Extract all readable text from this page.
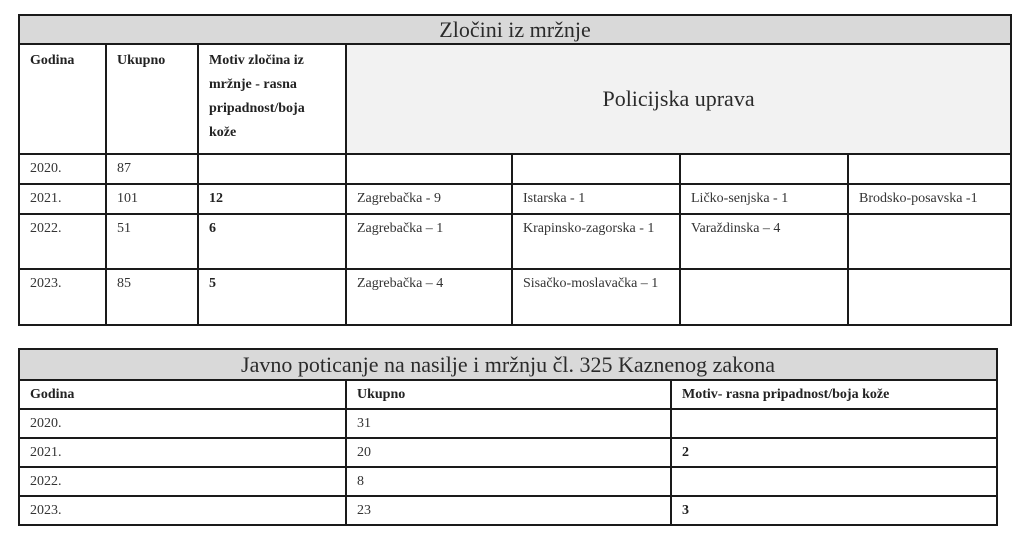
Zločini iz mržnje						
Godina	Ukupno	Motiv zločina iz mržnje - rasna pripadnost/boja kože	Policijska uprava			
2020.	87					
2021.	101	12	Zagrebačka - 9	Istarska - 1	Ličko-senjska - 1	Brodsko-posavska -1
2022.	51	6	Zagrebačka – 1	Krapinsko-zagorska - 1	Varaždinska – 4	
2023.	85	5	Zagrebačka – 4	Sisačko-moslavačka – 1		
Javno poticanje na nasilje i mržnju čl. 325 Kaznenog zakona		
Godina	Ukupno	Motiv- rasna pripadnost/boja kože
2020.	31	
2021.	20	2
2022.	8	
2023.	23	3
